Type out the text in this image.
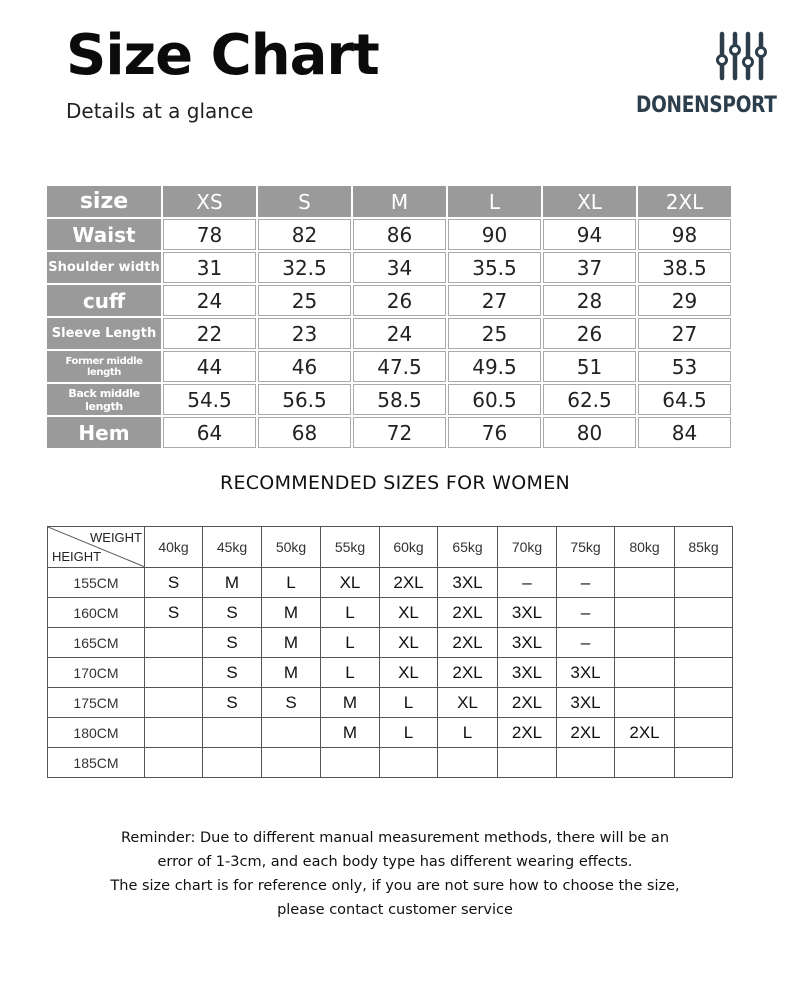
Size Chart
Details at a glance	DONENSPORT
size	XS	S	M	L	XL	2XL
Waist	78	82	86	90	94	98
Shoulder width	31	32.5	34	35.5	37	38.5
cuff	24	25	26	27	28	29
Sleeve Length	22	23	24	25	26	27
Former middle length	44	46	47.5	49.5	51	53
Back middle length	54.5	56.5	58.5	60.5	62.5	64.5
Hem	64	68	72	76	80	84
RECOMMENDED SIZES FOR WOMEN
WEIGHT
HEIGHT	40kg	45kg	50kg	55kg	60kg	65kg	70kg	75kg	80kg	85kg
155CM	S	M	L	XL	2XL	3XL	–	–		
160CM	S	S	M	L	XL	2XL	3XL	–		
165CM		S	M	L	XL	2XL	3XL	–		
170CM		S	M	L	XL	2XL	3XL	3XL		
175CM		S	S	M	L	XL	2XL	3XL		
180CM				M	L	L	2XL	2XL	2XL	
185CM										
Reminder: Due to different manual measurement methods, there will be an
error of 1-3cm, and each body type has different wearing effects.
The size chart is for reference only, if you are not sure how to choose the size,
please contact customer service
